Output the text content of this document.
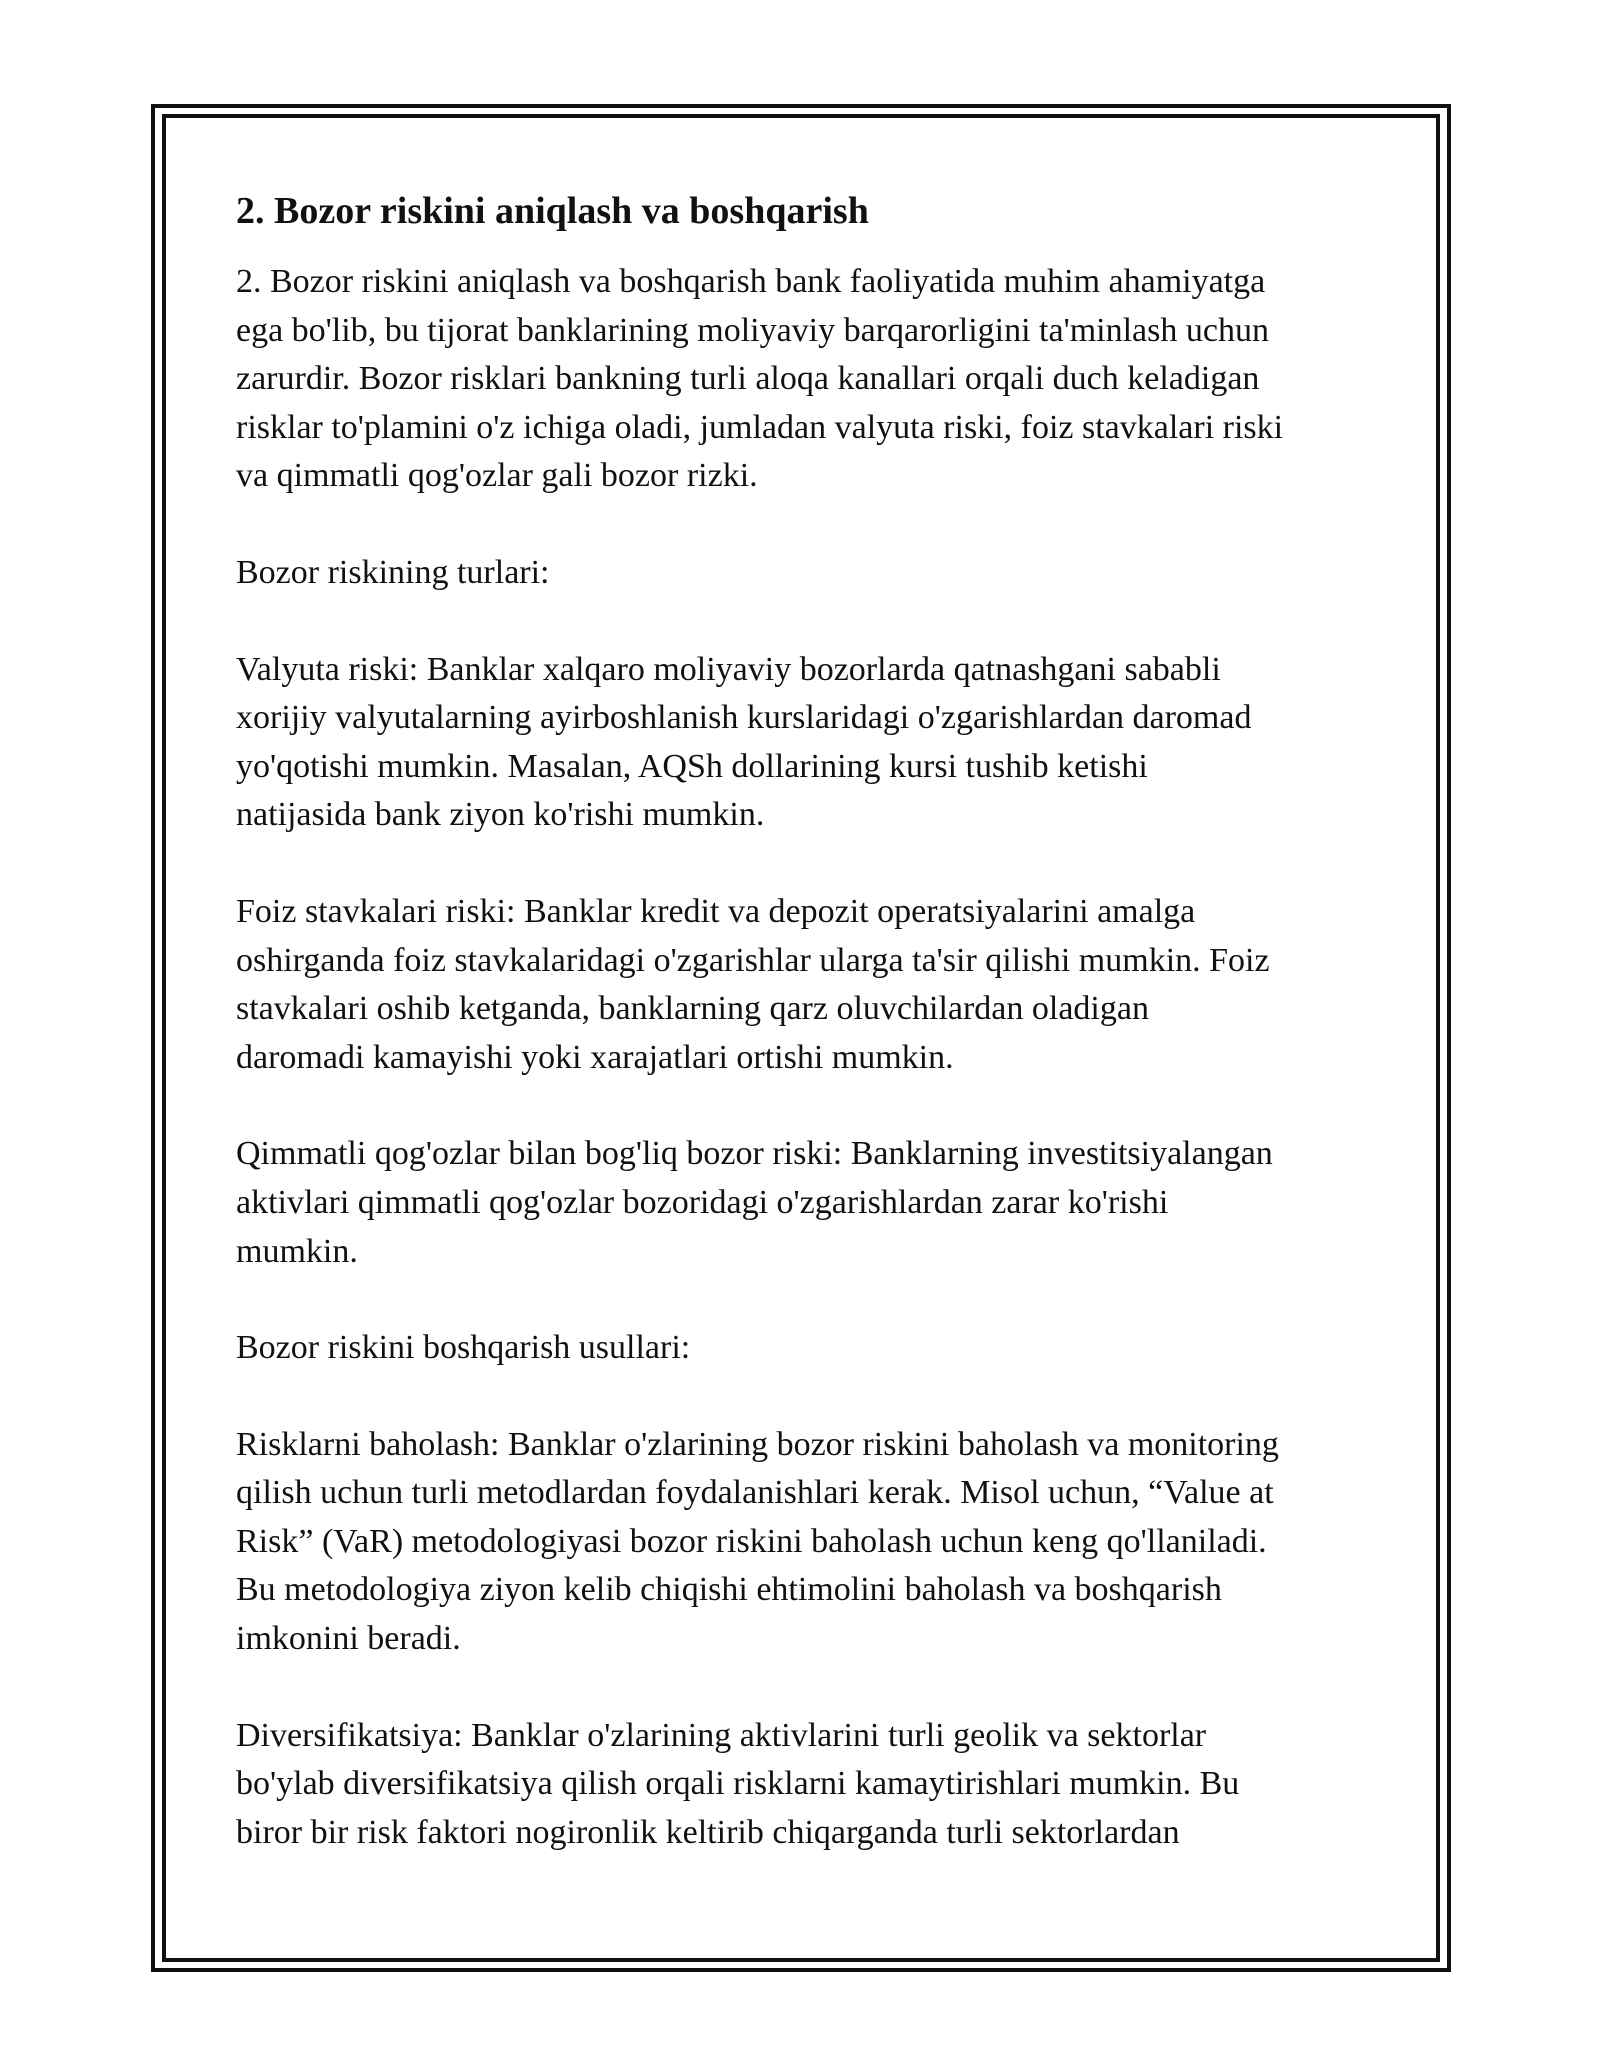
2. Bozor riskini aniqlash va boshqarish
2. Bozor riskini aniqlash va boshqarish bank faoliyatida muhim ahamiyatga
ega bo'lib, bu tijorat banklarining moliyaviy barqarorligini ta'minlash uchun
zarurdir. Bozor risklari bankning turli aloqa kanallari orqali duch keladigan
risklar to'plamini o'z ichiga oladi, jumladan valyuta riski, foiz stavkalari riski
va qimmatli qog'ozlar gali bozor rizki.
Bozor riskining turlari:
Valyuta riski: Banklar xalqaro moliyaviy bozorlarda qatnashgani sababli
xorijiy valyutalarning ayirboshlanish kurslaridagi o'zgarishlardan daromad
yo'qotishi mumkin. Masalan, AQSh dollarining kursi tushib ketishi
natijasida bank ziyon ko'rishi mumkin.
Foiz stavkalari riski: Banklar kredit va depozit operatsiyalarini amalga
oshirganda foiz stavkalaridagi o'zgarishlar ularga ta'sir qilishi mumkin. Foiz
stavkalari oshib ketganda, banklarning qarz oluvchilardan oladigan
daromadi kamayishi yoki xarajatlari ortishi mumkin.
Qimmatli qog'ozlar bilan bog'liq bozor riski: Banklarning investitsiyalangan
aktivlari qimmatli qog'ozlar bozoridagi o'zgarishlardan zarar ko'rishi
mumkin.
Bozor riskini boshqarish usullari:
Risklarni baholash: Banklar o'zlarining bozor riskini baholash va monitoring
qilish uchun turli metodlardan foydalanishlari kerak. Misol uchun, “Value at
Risk” (VaR) metodologiyasi bozor riskini baholash uchun keng qo'llaniladi.
Bu metodologiya ziyon kelib chiqishi ehtimolini baholash va boshqarish
imkonini beradi.
Diversifikatsiya: Banklar o'zlarining aktivlarini turli geolik va sektorlar
bo'ylab diversifikatsiya qilish orqali risklarni kamaytirishlari mumkin. Bu
biror bir risk faktori nogironlik keltirib chiqarganda turli sektorlardan
